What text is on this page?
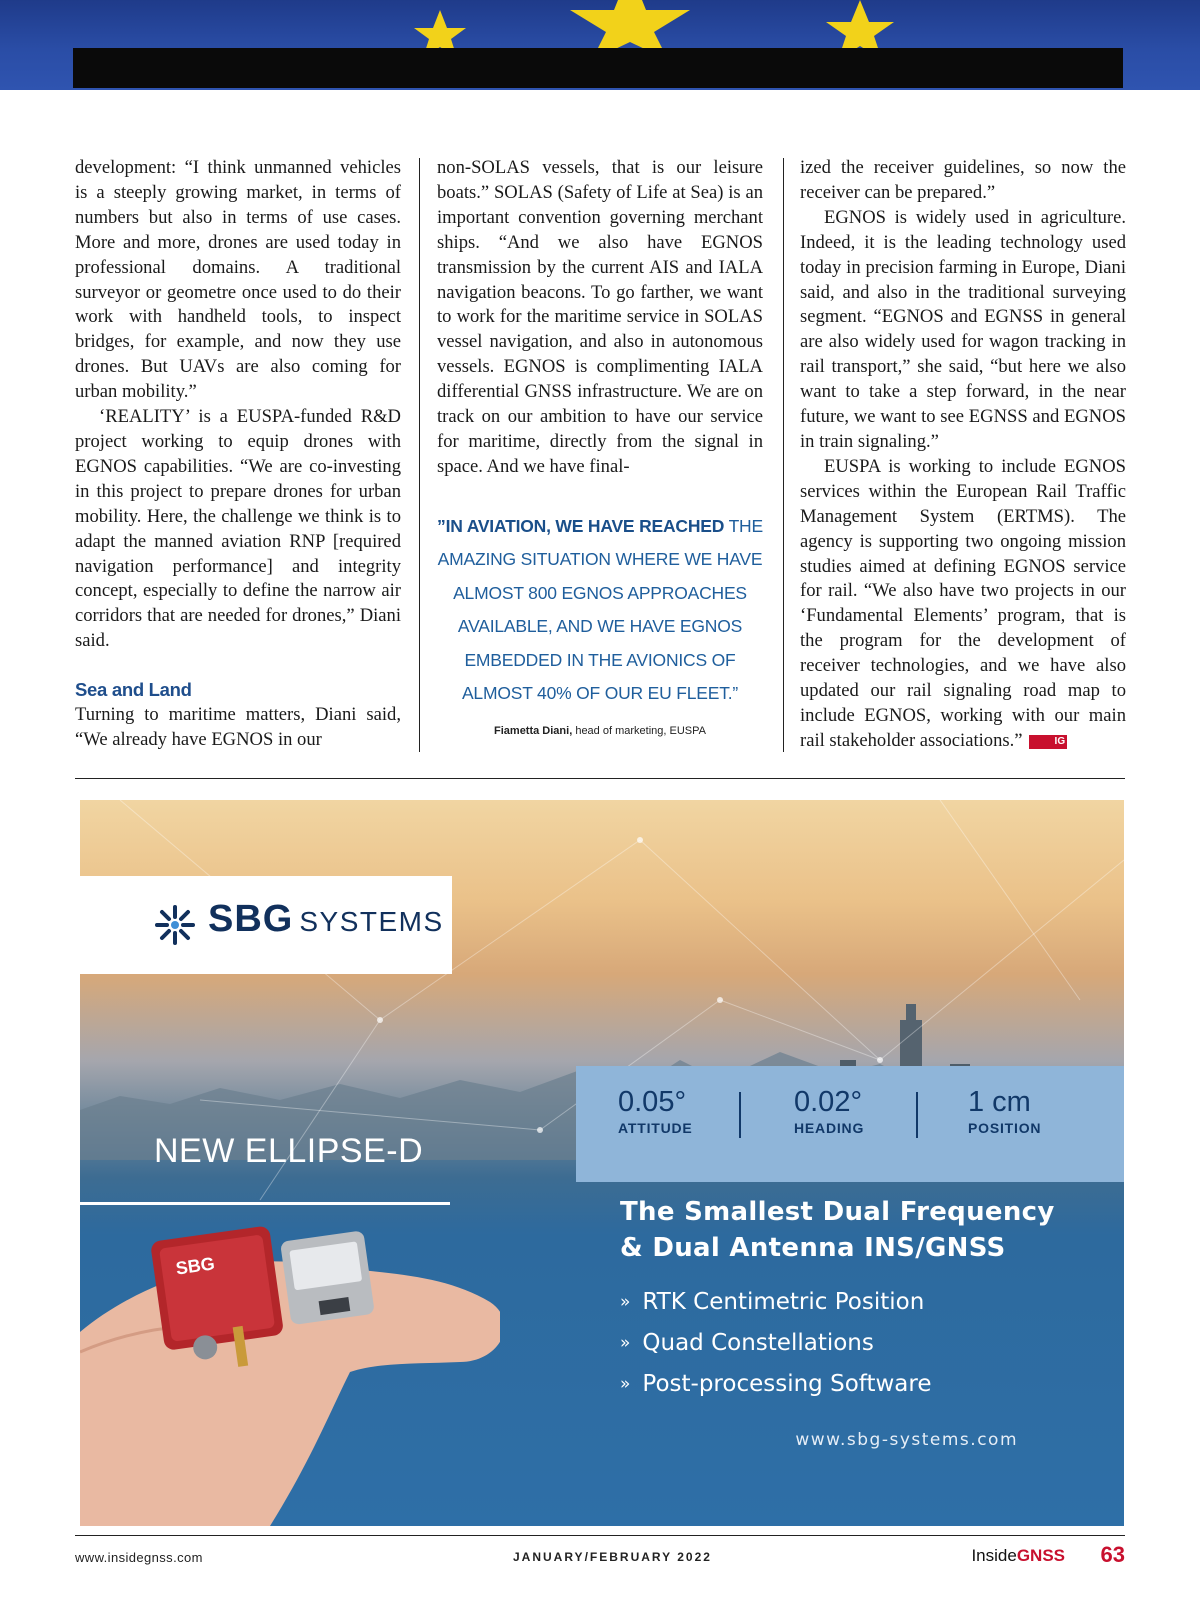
development: “I think unmanned vehicles is a steeply growing market, in terms of numbers but also in terms of use cases. More and more, drones are used today in professional domains. A traditional surveyor or geometre once used to do their work with handheld tools, to inspect bridges, for example, and now they use drones. But UAVs are also coming for urban mobility.”

‘REALITY’ is a EUSPA-funded R&D project working to equip drones with EGNOS capabilities. “We are co-investing in this project to prepare drones for urban mobility. Here, the challenge we think is to adapt the manned aviation RNP [required navigation performance] and integrity concept, especially to define the narrow air corridors that are needed for drones,” Diani said.

Sea and Land

Turning to maritime matters, Diani said, “We already have EGNOS in our

non-SOLAS vessels, that is our leisure boats.” SOLAS (Safety of Life at Sea) is an important convention governing merchant ships. “And we also have EGNOS transmission by the current AIS and IALA navigation beacons. To go farther, we want to work for the maritime service in SOLAS vessel navigation, and also in autonomous vessels. EGNOS is complimenting IALA differential GNSS infrastructure. We are on track on our ambition to have our service for maritime, directly from the signal in space. And we have final-

”IN AVIATION, WE HAVE REACHED THE AMAZING SITUATION WHERE WE HAVE ALMOST 800 EGNOS APPROACHES AVAILABLE, AND WE HAVE EGNOS EMBEDDED IN THE AVIONICS OF ALMOST 40% OF OUR EU FLEET.”
Fiametta Diani, head of marketing, EUSPA

ized the receiver guidelines, so now the receiver can be prepared.”

EGNOS is widely used in agriculture. Indeed, it is the leading technology used today in precision farming in Europe, Diani said, and also in the traditional surveying segment. “EGNOS and EGNSS in general are also widely used for wagon tracking in rail transport,” she said, “but here we also want to take a step forward, in the near future, we want to see EGNSS and EGNOS in train signaling.”

EUSPA is working to include EGNOS services within the European Rail Traffic Management System (ERTMS). The agency is supporting two ongoing mission studies aimed at defining EGNOS service for rail. “We also have two projects in our ‘Fundamental Elements’ program, that is the program for the development of receiver technologies, and we have also updated our rail signaling road map to include EGNOS, working with our main rail stakeholder associations.”	IG

SBG SYSTEMS
0.05°
ATTITUDE
0.02°
HEADING
1 cm
POSITION
NEW ELLIPSE-D
The Smallest Dual Frequency
& Dual Antenna INS/GNSS
» RTK Centimetric Position
» Quad Constellations
» Post-processing Software
www.sbg-systems.com
SBG
www.insidegnss.com	JANUARY/FEBRUARY 2022	InsideGNSS 63
